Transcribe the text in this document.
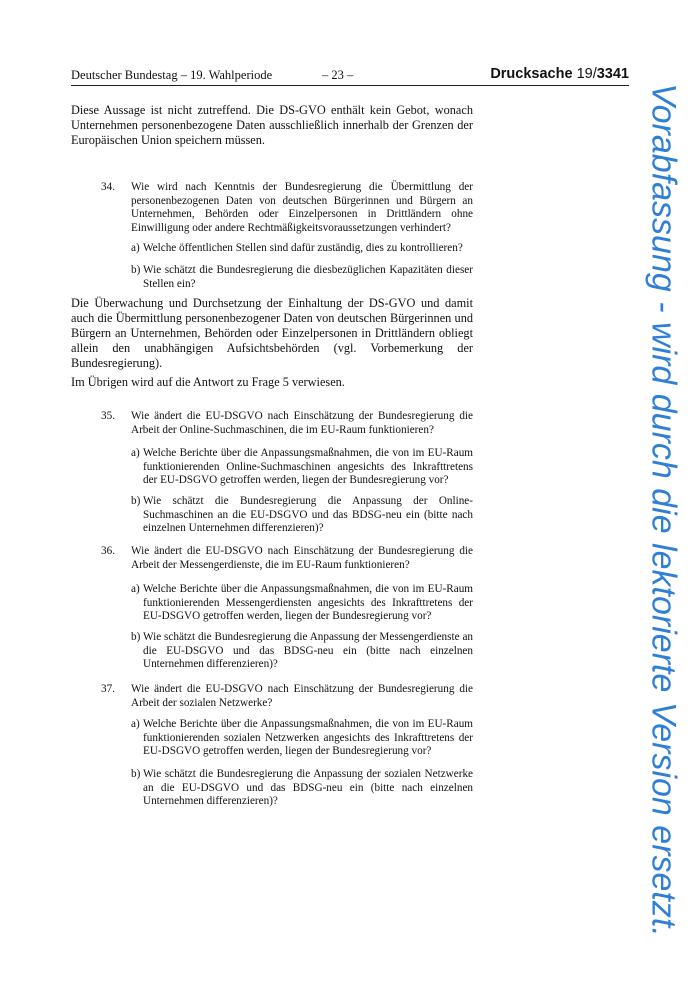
Deutscher Bundestag – 19. Wahlperiode	– 23 –	Drucksache 19/3341

Diese Aussage ist nicht zutreffend. Die DS-GVO enthält kein Gebot, wonach Unternehmen personenbezogene Daten ausschließlich innerhalb der Grenzen der Europäischen Union speichern müssen.

34.	Wie wird nach Kenntnis der Bundesregierung die Übermittlung der personenbezogenen Daten von deutschen Bürgerinnen und Bürgern an Unternehmen, Behörden oder Einzelpersonen in Drittländern ohne Einwilligung oder andere Rechtmäßigkeitsvoraussetzungen verhindert?
a) Welche öffentlichen Stellen sind dafür zuständig, dies zu kontrollieren?
b) Wie schätzt die Bundesregierung die diesbezüglichen Kapazitäten dieser Stellen ein?

Die Überwachung und Durchsetzung der Einhaltung der DS-GVO und damit auch die Übermittlung personenbezogener Daten von deutschen Bürgerinnen und Bürgern an Unternehmen, Behörden oder Einzelpersonen in Drittländern obliegt allein den unabhängigen Aufsichtsbehörden (vgl. Vorbemerkung der Bundesregierung).

Im Übrigen wird auf die Antwort zu Frage 5 verwiesen.

35.	Wie ändert die EU-DSGVO nach Einschätzung der Bundesregierung die Arbeit der Online-Suchmaschinen, die im EU-Raum funktionieren?
a) Welche Berichte über die Anpassungsmaßnahmen, die von im EU-Raum funktionierenden Online-Suchmaschinen angesichts des Inkrafttretens der EU-DSGVO getroffen werden, liegen der Bundesregierung vor?
b) Wie schätzt die Bundesregierung die Anpassung der Online-Suchmaschinen an die EU-DSGVO und das BDSG-neu ein (bitte nach einzelnen Unternehmen differenzieren)?
36.	Wie ändert die EU-DSGVO nach Einschätzung der Bundesregierung die Arbeit der Messengerdienste, die im EU-Raum funktionieren?
a) Welche Berichte über die Anpassungsmaßnahmen, die von im EU-Raum funktionierenden Messengerdiensten angesichts des Inkrafttretens der EU-DSGVO getroffen werden, liegen der Bundesregierung vor?
b) Wie schätzt die Bundesregierung die Anpassung der Messengerdienste an die EU-DSGVO und das BDSG-neu ein (bitte nach einzelnen Unternehmen differenzieren)?
37.	Wie ändert die EU-DSGVO nach Einschätzung der Bundesregierung die Arbeit der sozialen Netzwerke?
a) Welche Berichte über die Anpassungsmaßnahmen, die von im EU-Raum funktionierenden sozialen Netzwerken angesichts des Inkrafttretens der EU-DSGVO getroffen werden, liegen der Bundesregierung vor?
b) Wie schätzt die Bundesregierung die Anpassung der sozialen Netzwerke an die EU-DSGVO und das BDSG-neu ein (bitte nach einzelnen Unternehmen differenzieren)?	Vorabfassung - wird durch die lektorierte Version ersetzt.
